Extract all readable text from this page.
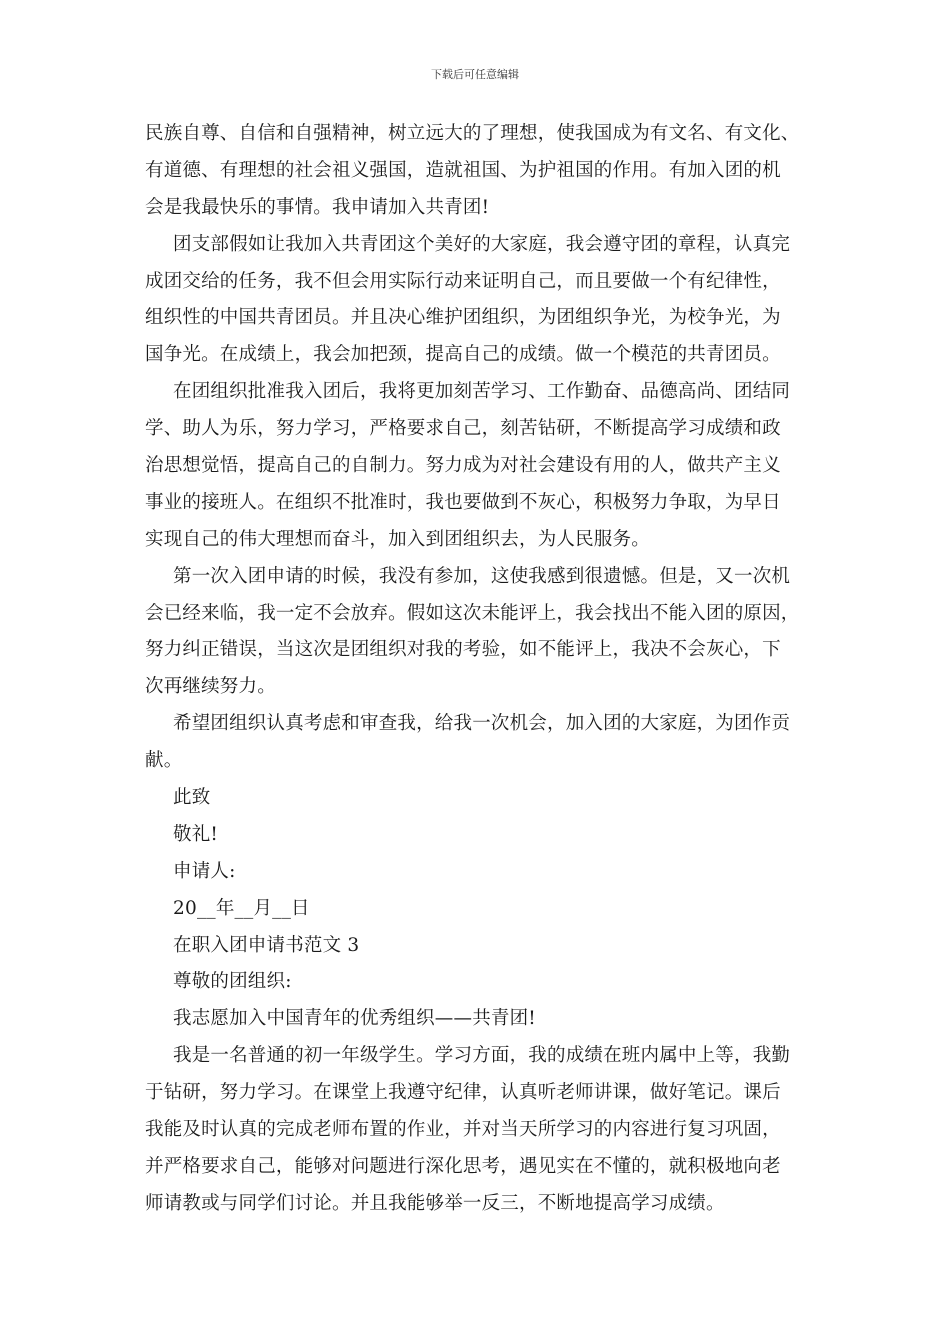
下载后可任意编辑
民族自尊、自信和自强精神，树立远大的了理想，使我国成为有文名、有文化、
有道德、有理想的社会祖义强国，造就祖国、为护祖国的作用。有加入团的机
会是我最快乐的事情。我申请加入共青团!
团支部假如让我加入共青团这个美好的大家庭，我会遵守团的章程，认真完
成团交给的任务，我不但会用实际行动来证明自己，而且要做一个有纪律性，
组织性的中国共青团员。并且决心维护团组织，为团组织争光，为校争光，为
国争光。在成绩上，我会加把颈，提高自己的成绩。做一个模范的共青团员。
在团组织批准我入团后，我将更加刻苦学习、工作勤奋、品德高尚、团结同
学、助人为乐，努力学习，严格要求自己，刻苦钻研，不断提高学习成绩和政
治思想觉悟，提高自己的自制力。努力成为对社会建设有用的人，做共产主义
事业的接班人。在组织不批准时，我也要做到不灰心，积极努力争取，为早日
实现自己的伟大理想而奋斗，加入到团组织去，为人民服务。
第一次入团申请的时候，我没有参加，这使我感到很遗憾。但是，又一次机
会已经来临，我一定不会放弃。假如这次未能评上，我会找出不能入团的原因，
努力纠正错误，当这次是团组织对我的考验，如不能评上，我决不会灰心，下
次再继续努力。
希望团组织认真考虑和审查我，给我一次机会，加入团的大家庭，为团作贡
献。
此致
敬礼!
申请人:
20__年__月__日
在职入团申请书范文 3
尊敬的团组织:
我志愿加入中国青年的优秀组织——共青团!
我是一名普通的初一年级学生。学习方面，我的成绩在班内属中上等，我勤
于钻研，努力学习。在课堂上我遵守纪律，认真听老师讲课，做好笔记。课后
我能及时认真的完成老师布置的作业，并对当天所学习的内容进行复习巩固，
并严格要求自己，能够对问题进行深化思考，遇见实在不懂的，就积极地向老
师请教或与同学们讨论。并且我能够举一反三，不断地提高学习成绩。
